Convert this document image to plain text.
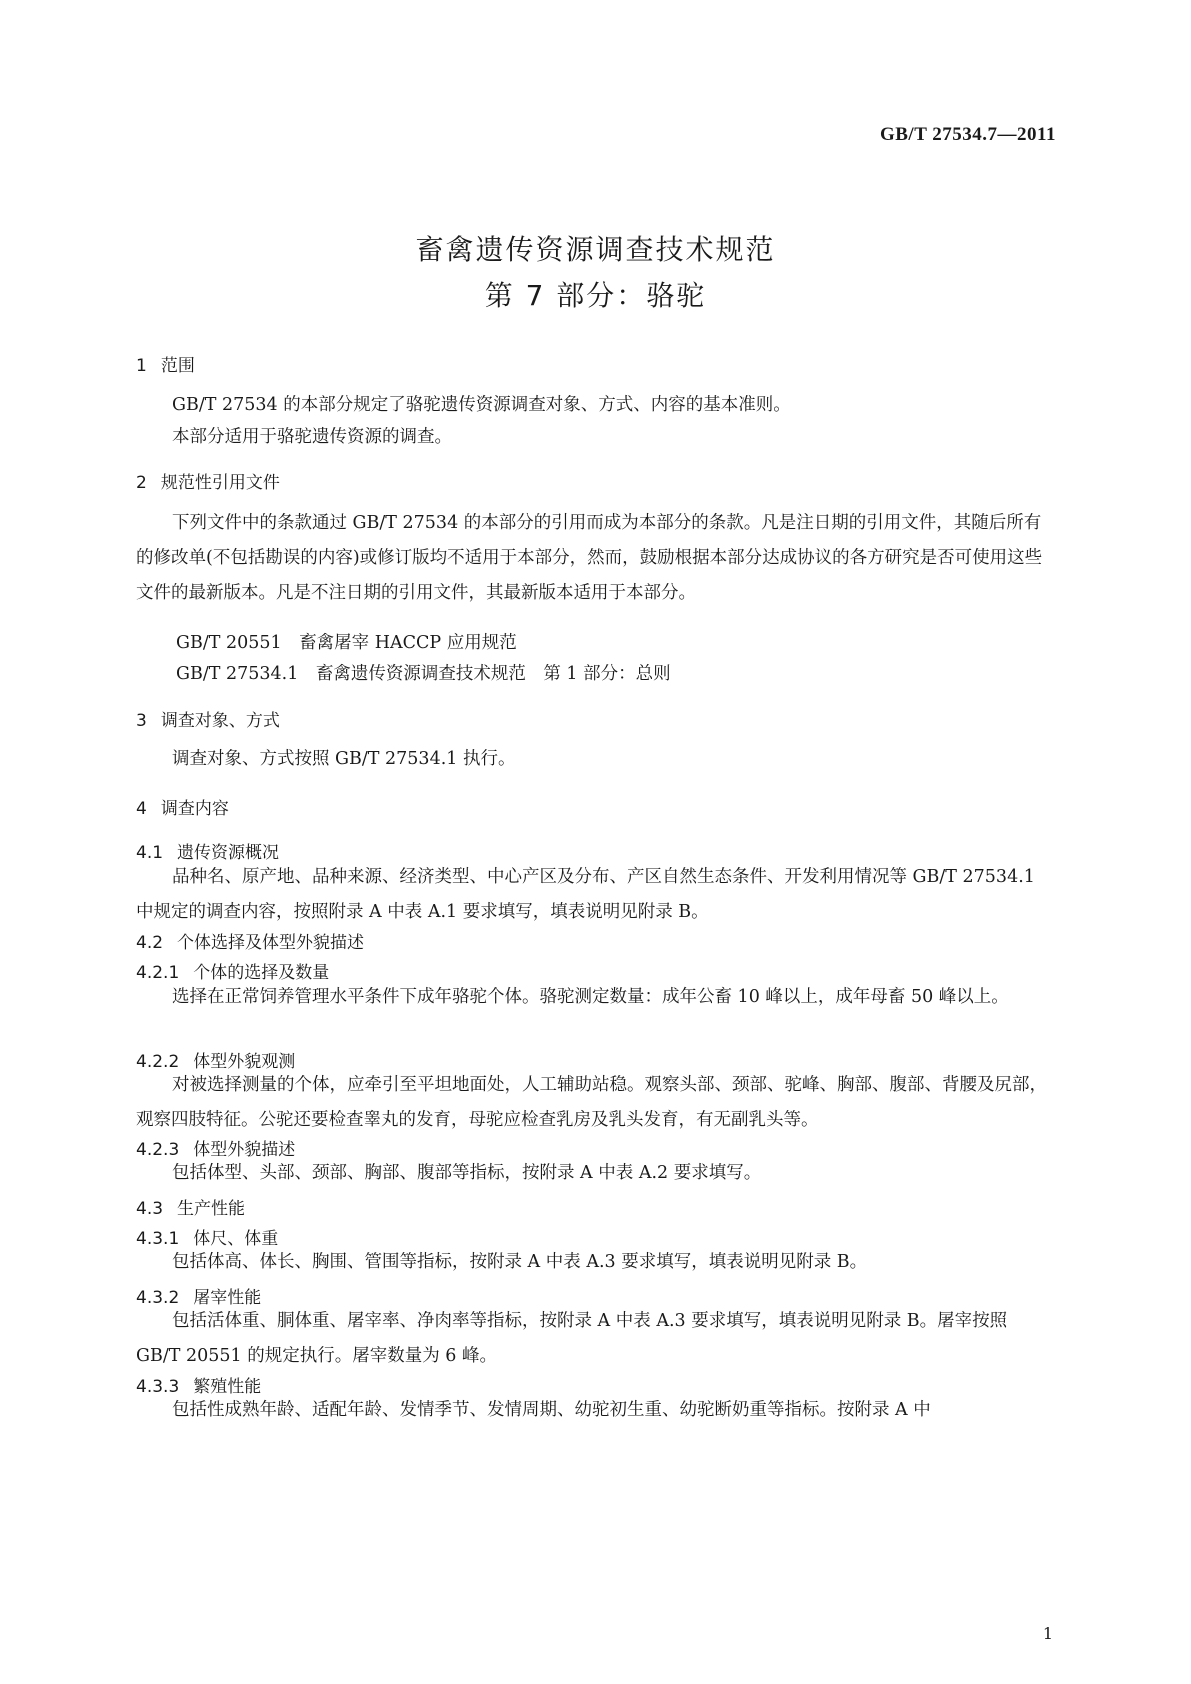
GB/T 27534.7—2011
畜禽遗传资源调查技术规范
第 7 部分：骆驼
1 范围
GB/T 27534 的本部分规定了骆驼遗传资源调查对象、方式、内容的基本准则。
本部分适用于骆驼遗传资源的调查。
2 规范性引用文件
下列文件中的条款通过 GB/T 27534 的本部分的引用而成为本部分的条款。凡是注日期的引用文件，其随后所有的修改单(不包括勘误的内容)或修订版均不适用于本部分，然而，鼓励根据本部分达成协议的各方研究是否可使用这些文件的最新版本。凡是不注日期的引用文件，其最新版本适用于本部分。
GB/T 20551　畜禽屠宰 HACCP 应用规范
GB/T 27534.1　畜禽遗传资源调查技术规范　第 1 部分：总则
3 调查对象、方式
调查对象、方式按照 GB/T 27534.1 执行。
4 调查内容
4.1 遗传资源概况
品种名、原产地、品种来源、经济类型、中心产区及分布、产区自然生态条件、开发利用情况等 GB/T 27534.1 中规定的调查内容，按照附录 A 中表 A.1 要求填写，填表说明见附录 B。
4.2 个体选择及体型外貌描述
4.2.1 个体的选择及数量
选择在正常饲养管理水平条件下成年骆驼个体。骆驼测定数量：成年公畜 10 峰以上，成年母畜 50 峰以上。
4.2.2 体型外貌观测
对被选择测量的个体，应牵引至平坦地面处，人工辅助站稳。观察头部、颈部、驼峰、胸部、腹部、背腰及尻部，观察四肢特征。公驼还要检查睾丸的发育，母驼应检查乳房及乳头发育，有无副乳头等。
4.2.3 体型外貌描述
包括体型、头部、颈部、胸部、腹部等指标，按附录 A 中表 A.2 要求填写。
4.3 生产性能
4.3.1 体尺、体重
包括体高、体长、胸围、管围等指标，按附录 A 中表 A.3 要求填写，填表说明见附录 B。
4.3.2 屠宰性能
包括活体重、胴体重、屠宰率、净肉率等指标，按附录 A 中表 A.3 要求填写，填表说明见附录 B。屠宰按照 GB/T 20551 的规定执行。屠宰数量为 6 峰。
4.3.3 繁殖性能
包括性成熟年龄、适配年龄、发情季节、发情周期、幼驼初生重、幼驼断奶重等指标。按附录 A 中
1
